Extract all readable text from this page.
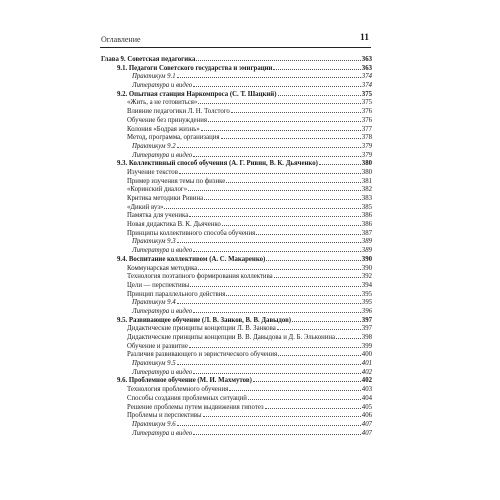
Оглавление	11
Глава 9. Советская педагогика	363
9.1. Педагоги Советского государства и эмиграции	363
Практикум 9.1	374
Литература и видео	374
9.2. Опытная станция Наркомпроса (С. Т. Шацкий)	375
«Жить, а не готовиться»	375
Влияние педагогики Л. Н. Толстого	376
Обучение без принуждения	376
Колония «Бодрая жизнь»	377
Метод, программа, организация	378
Практикум 9.2	379
Литература и видео	379
9.3. Коллективный способ обучения (А. Г. Ривин, В. К. Дьяченко)	380
Изучение текстов	380
Пример изучения темы по физике	381
«Коринский диалог»	382
Критика методики Ривина	383
«Дикий вуз»	385
Памятка для ученика	386
Новая дидактика В. К. Дьяченко	386
Принципы коллективного способа обучения	387
Практикум 9.3	389
Литература и видео	389
9.4. Воспитание коллективом (А. С. Макаренко)	390
Коммунарская методика	390
Технология поэтапного формирования коллектива	392
Цели — перспективы	394
Принцип параллельного действия	395
Практикум 9.4	395
Литература и видео	396
9.5. Развивающее обучение (Л. В. Занков, В. В. Давыдов)	397
Дидактические принципы концепции Л. В. Занкова	397
Дидактические принципы концепции В. В. Давыдова и Д. Б. Эльконина	398
Обучение и развитие	399
Различия развивающего и эвристического обучения	400
Практикум 9.5	401
Литература и видео	402
9.6. Проблемное обучение (М. И. Махмутов)	402
Технология проблемного обучения	403
Способы создания проблемных ситуаций	404
Решение проблемы путем выдвижения гипотез	405
Проблемы и перспективы	406
Практикум 9.6	407
Литература и видео	407
